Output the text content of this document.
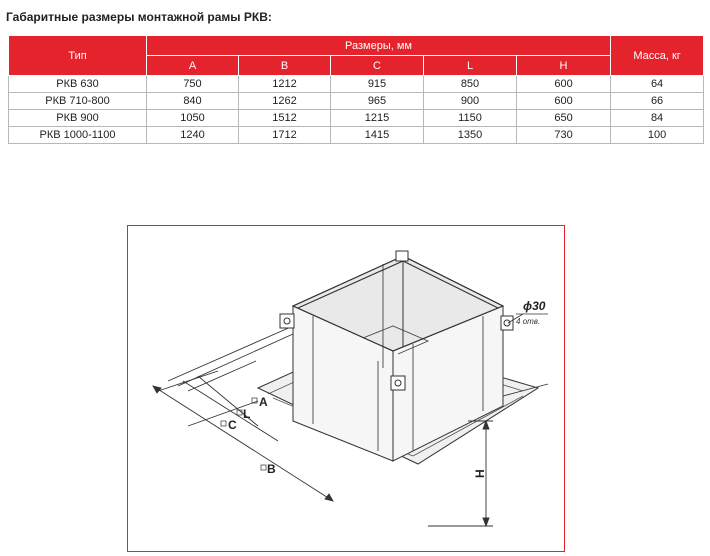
Габаритные размеры монтажной рамы РКВ:
Тип	Размеры, мм					Масса, кг
	A	B	C	L	H	
РКВ 630	750	1212	915	850	600	64
РКВ 710-800	840	1262	965	900	600	66
РКВ 900	1050	1512	1215	1150	650	84
РКВ 1000-1100	1240	1712	1415	1350	730	100
ϕ30
4 отв.
A
L
C
B	H
